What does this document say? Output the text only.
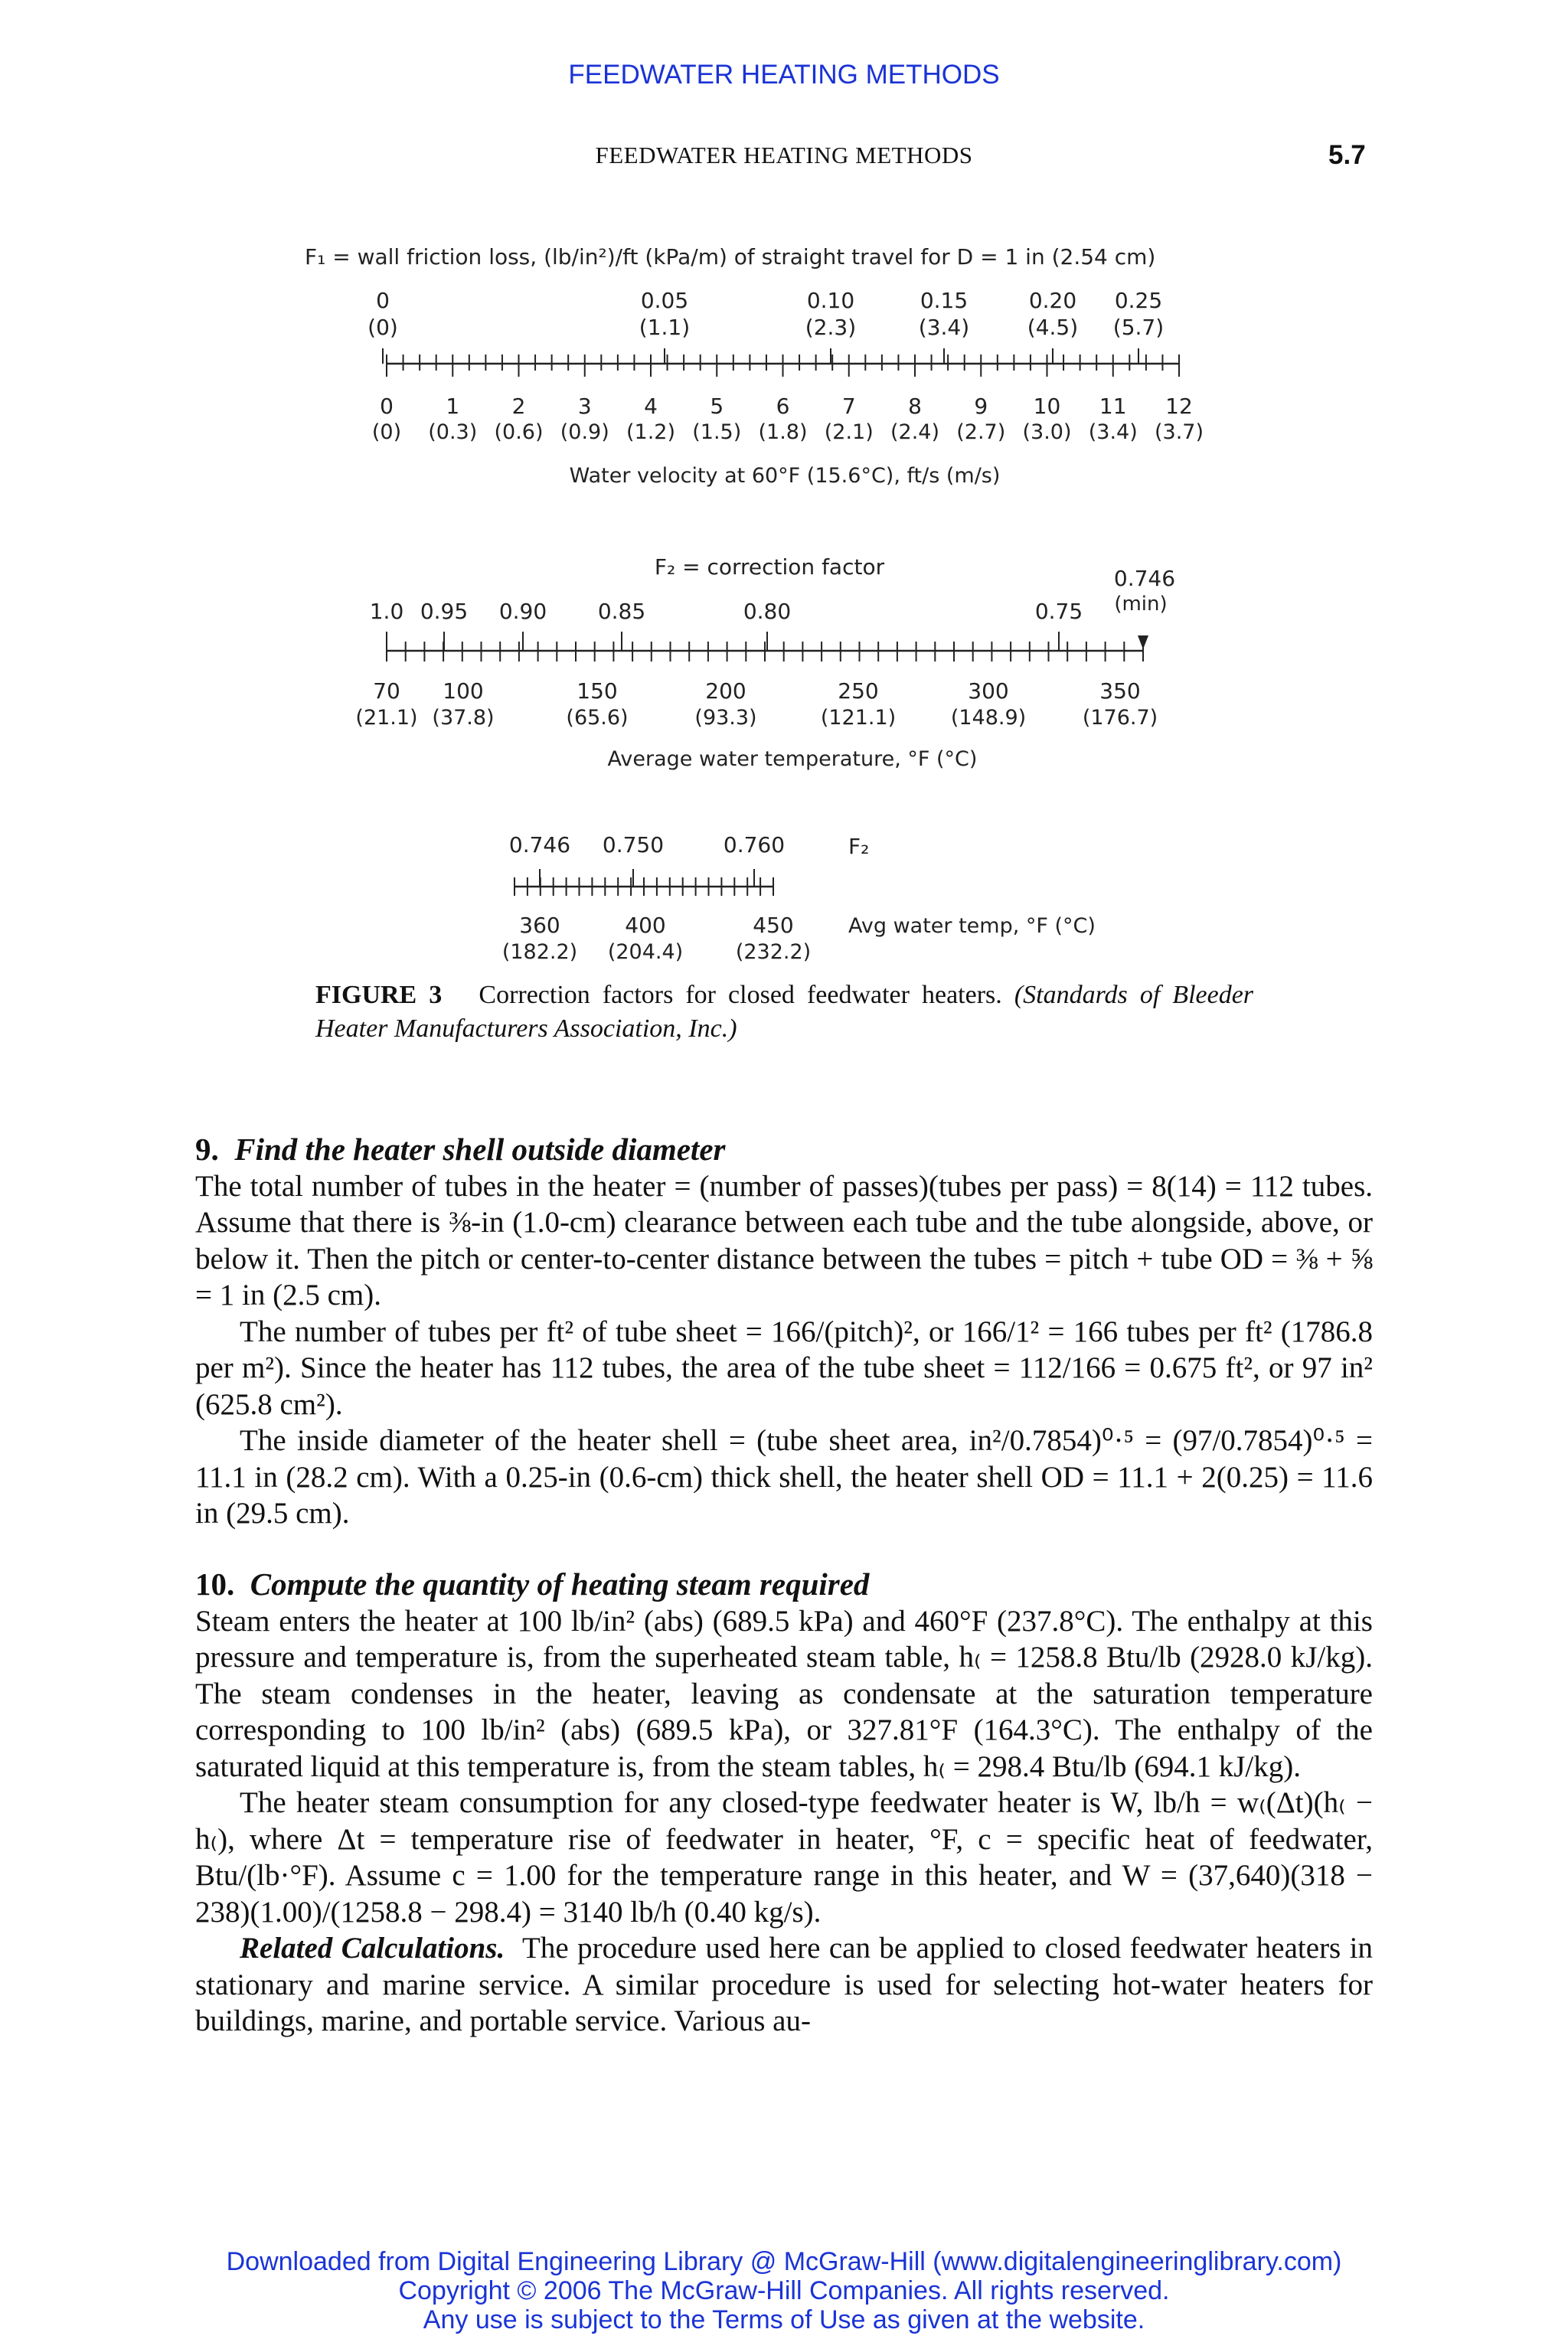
FEEDWATER HEATING METHODS
FEEDWATER HEATING METHODS	5.7
F₁ = wall friction loss, (lb/in²)/ft (kPa/m) of straight travel for D = 1 in (2.54 cm)
0	0.05	0.10	0.15	0.20 0.25
(0)	(1.1)	(2.3)	(3.4)	(4.5) (5.7)
0 1 2 3 4 5 6 7 8 9 10 11 12
(0) (0.3) (0.6) (0.9) (1.2) (1.5) (1.8) (2.1) (2.4) (2.7) (3.0) (3.4) (3.7)
Water velocity at 60°F (15.6°C), ft/s (m/s)
F₂ = correction factor
1.0 0.95 0.90 0.85	0.80	0.75
0.746
(min)
70 100	150	200	250	300	350
(21.1) (37.8)	(65.6)	(93.3)	(121.1)	(148.9)	(176.7)
Average water temperature, °F (°C)
0.746 0.750	0.760	F₂
360	400	450
(182.2) (204.4)	(232.2)
Avg water temp, °F (°C)
FIGURE 3 Correction factors for closed feedwater heaters. (Standards of Bleeder Heater Manufacturers Association, Inc.)
9. Find the heater shell outside diameter

The total number of tubes in the heater = (number of passes)(tubes per pass) = 8(14) = 112 tubes. Assume that there is ⅜-in (1.0-cm) clearance between each tube and the tube alongside, above, or below it. Then the pitch or center-to-center distance between the tubes = pitch + tube OD = ⅜ + ⅝ = 1 in (2.5 cm).

The number of tubes per ft² of tube sheet = 166/(pitch)², or 166/1² = 166 tubes per ft² (1786.8 per m²). Since the heater has 112 tubes, the area of the tube sheet = 112/166 = 0.675 ft², or 97 in² (625.8 cm²).

The inside diameter of the heater shell = (tube sheet area, in²/0.7854)⁰·⁵ = (97/0.7854)⁰·⁵ = 11.1 in (28.2 cm). With a 0.25-in (0.6-cm) thick shell, the heater shell OD = 11.1 + 2(0.25) = 11.6 in (29.5 cm).

10. Compute the quantity of heating steam required

Steam enters the heater at 100 lb/in² (abs) (689.5 kPa) and 460°F (237.8°C). The enthalpy at this pressure and temperature is, from the superheated steam table, h₍ = 1258.8 Btu/lb (2928.0 kJ/kg). The steam condenses in the heater, leaving as condensate at the saturation temperature corresponding to 100 lb/in² (abs) (689.5 kPa), or 327.81°F (164.3°C). The enthalpy of the saturated liquid at this temperature is, from the steam tables, h₍ = 298.4 Btu/lb (694.1 kJ/kg).

The heater steam consumption for any closed-type feedwater heater is W, lb/h = w₍(Δt)(h₍ − h₍), where Δt = temperature rise of feedwater in heater, °F, c = specific heat of feedwater, Btu/(lb·°F). Assume c = 1.00 for the temperature range in this heater, and W = (37,640)(318 − 238)(1.00)/(1258.8 − 298.4) = 3140 lb/h (0.40 kg/s).

Related Calculations. The procedure used here can be applied to closed feedwater heaters in stationary and marine service. A similar procedure is used for selecting hot-water heaters for buildings, marine, and portable service. Various au-

Downloaded from Digital Engineering Library @ McGraw-Hill (www.digitalengineeringlibrary.com)
Copyright © 2006 The McGraw-Hill Companies. All rights reserved.
Any use is subject to the Terms of Use as given at the website.
